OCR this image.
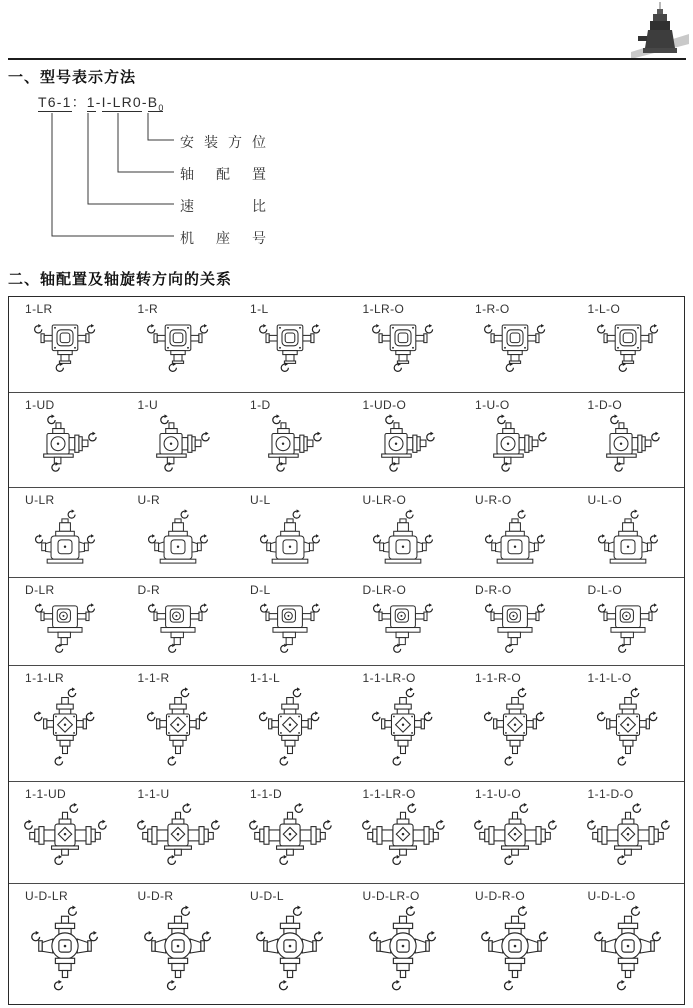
一、型号表示方法
T6-1：$1-I-LR0-B_0$
安 装 方 位
轴 配 置
速	比
机 座 号
二、轴配置及轴旋转方向的关系
1-LR	1-R	1-L	1-LR-O	1-R-O	1-L-O
1-UD	1-U	1-D	1-UD-O	1-U-O	1-D-O
U-LR	U-R	U-L	U-LR-O	U-R-O	U-L-O
D-LR	D-R	D-L	D-LR-O	D-R-O	D-L-O
1-1-LR	1-1-R	1-1-L	1-1-LR-O	1-1-R-O	1-1-L-O
1-1-UD	1-1-U	1-1-D	1-1-LR-O	1-1-U-O	1-1-D-O
U-D-LR	U-D-R	U-D-L	U-D-LR-O	U-D-R-O	U-D-L-O
